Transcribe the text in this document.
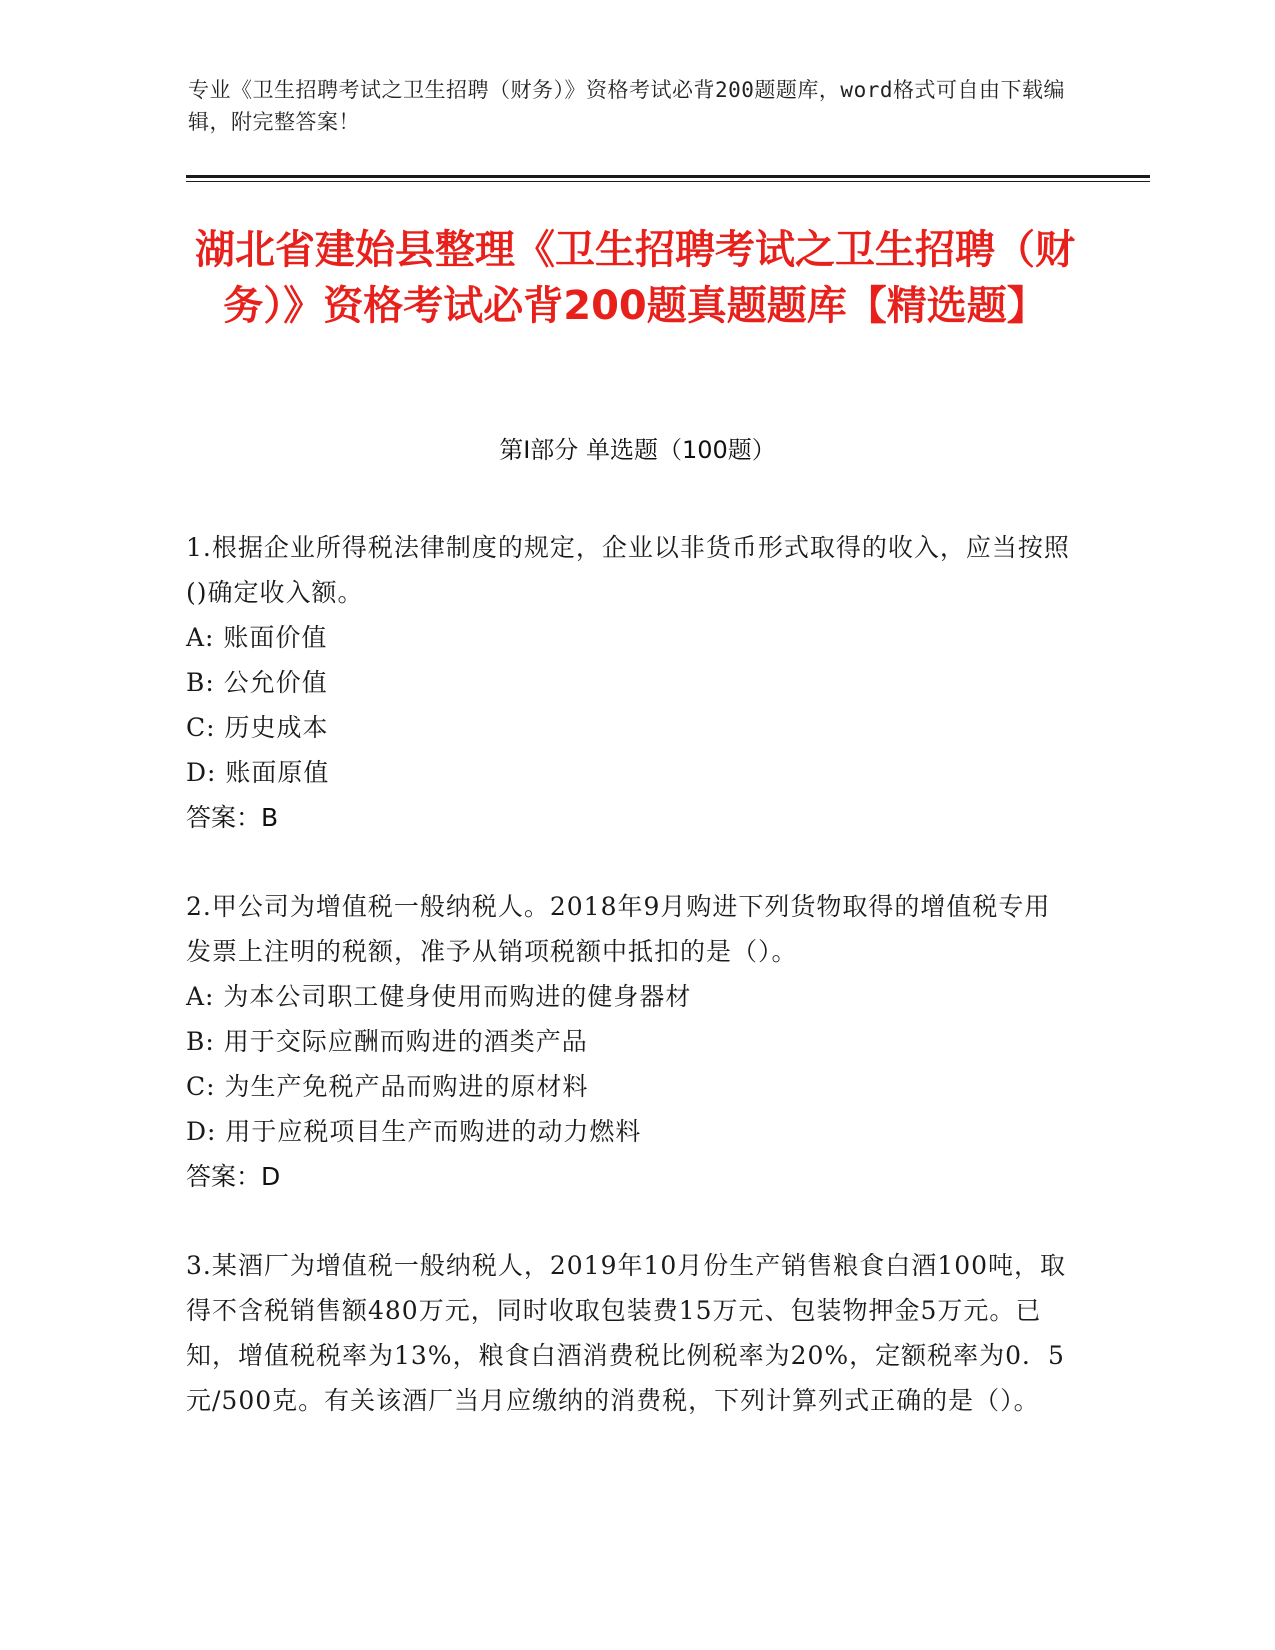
专业《卫生招聘考试之卫生招聘（财务）》资格考试必背200题题库，word格式可自由下载编辑，附完整答案！
湖北省建始县整理《卫生招聘考试之卫生招聘（财务）》资格考试必背200题真题题库【精选题】
第I部分 单选题（100题）
1.根据企业所得税法律制度的规定，企业以非货币形式取得的收入，应当按照()确定收入额。
A: 账面价值
B: 公允价值
C: 历史成本
D: 账面原值
答案：B
2.甲公司为增值税一般纳税人。2018年9月购进下列货物取得的增值税专用发票上注明的税额，准予从销项税额中抵扣的是（）。
A: 为本公司职工健身使用而购进的健身器材
B: 用于交际应酬而购进的酒类产品
C: 为生产免税产品而购进的原材料
D: 用于应税项目生产而购进的动力燃料
答案：D
3.某酒厂为增值税一般纳税人，2019年10月份生产销售粮食白酒100吨，取得不含税销售额480万元，同时收取包装费15万元、包装物押金5万元。已知，增值税税率为13%，粮食白酒消费税比例税率为20%，定额税率为0．5元/500克。有关该酒厂当月应缴纳的消费税，下列计算列式正确的是（）。
